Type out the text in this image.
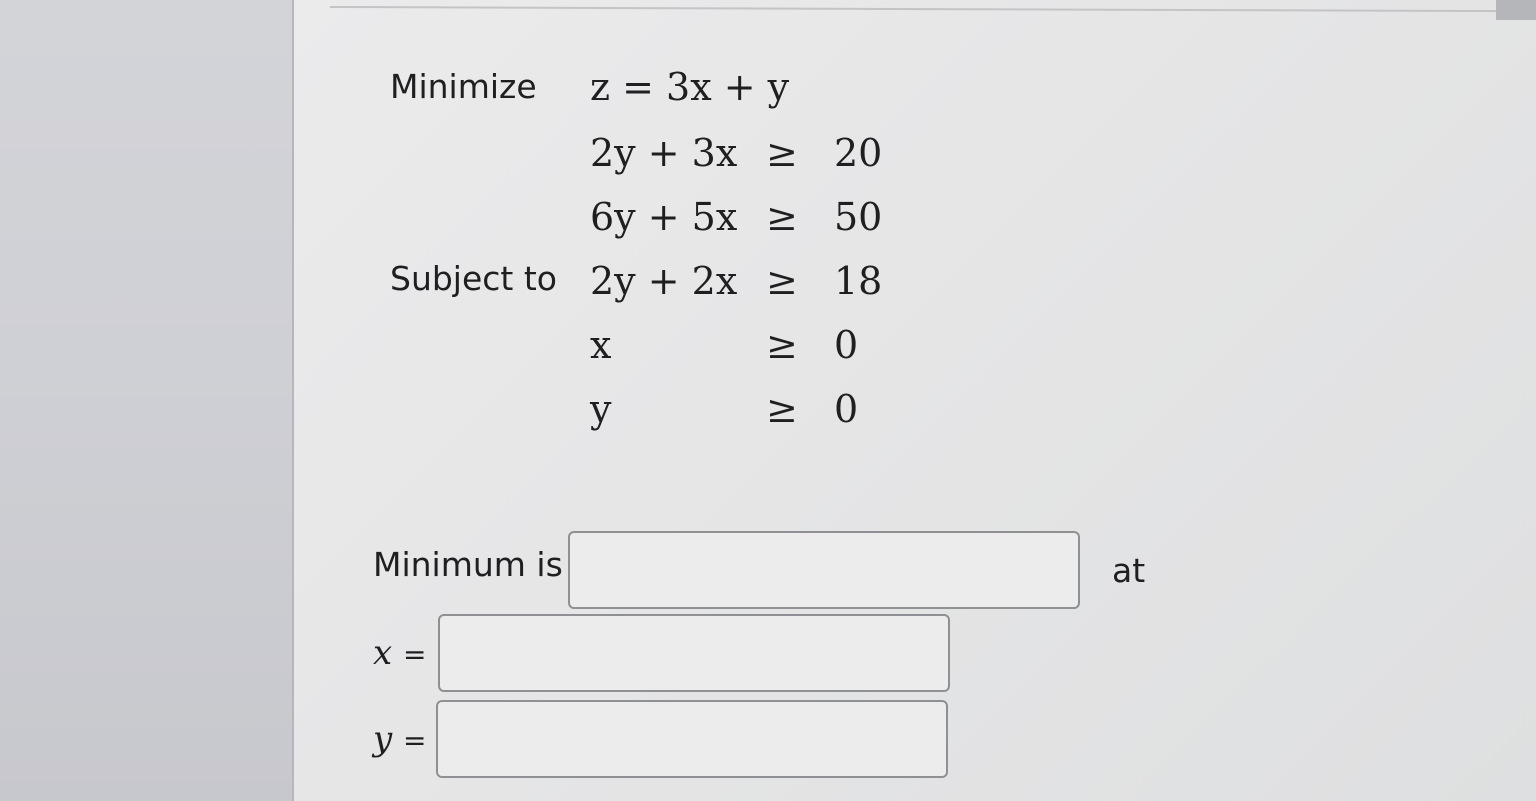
Minimize z = 3x + y
2y + 3x ≥ 20
6y + 5x ≥ 50
Subject to 2y + 2x ≥ 18
x	≥ 0
y	≥ 0
Minimum is	at
x =
y =
